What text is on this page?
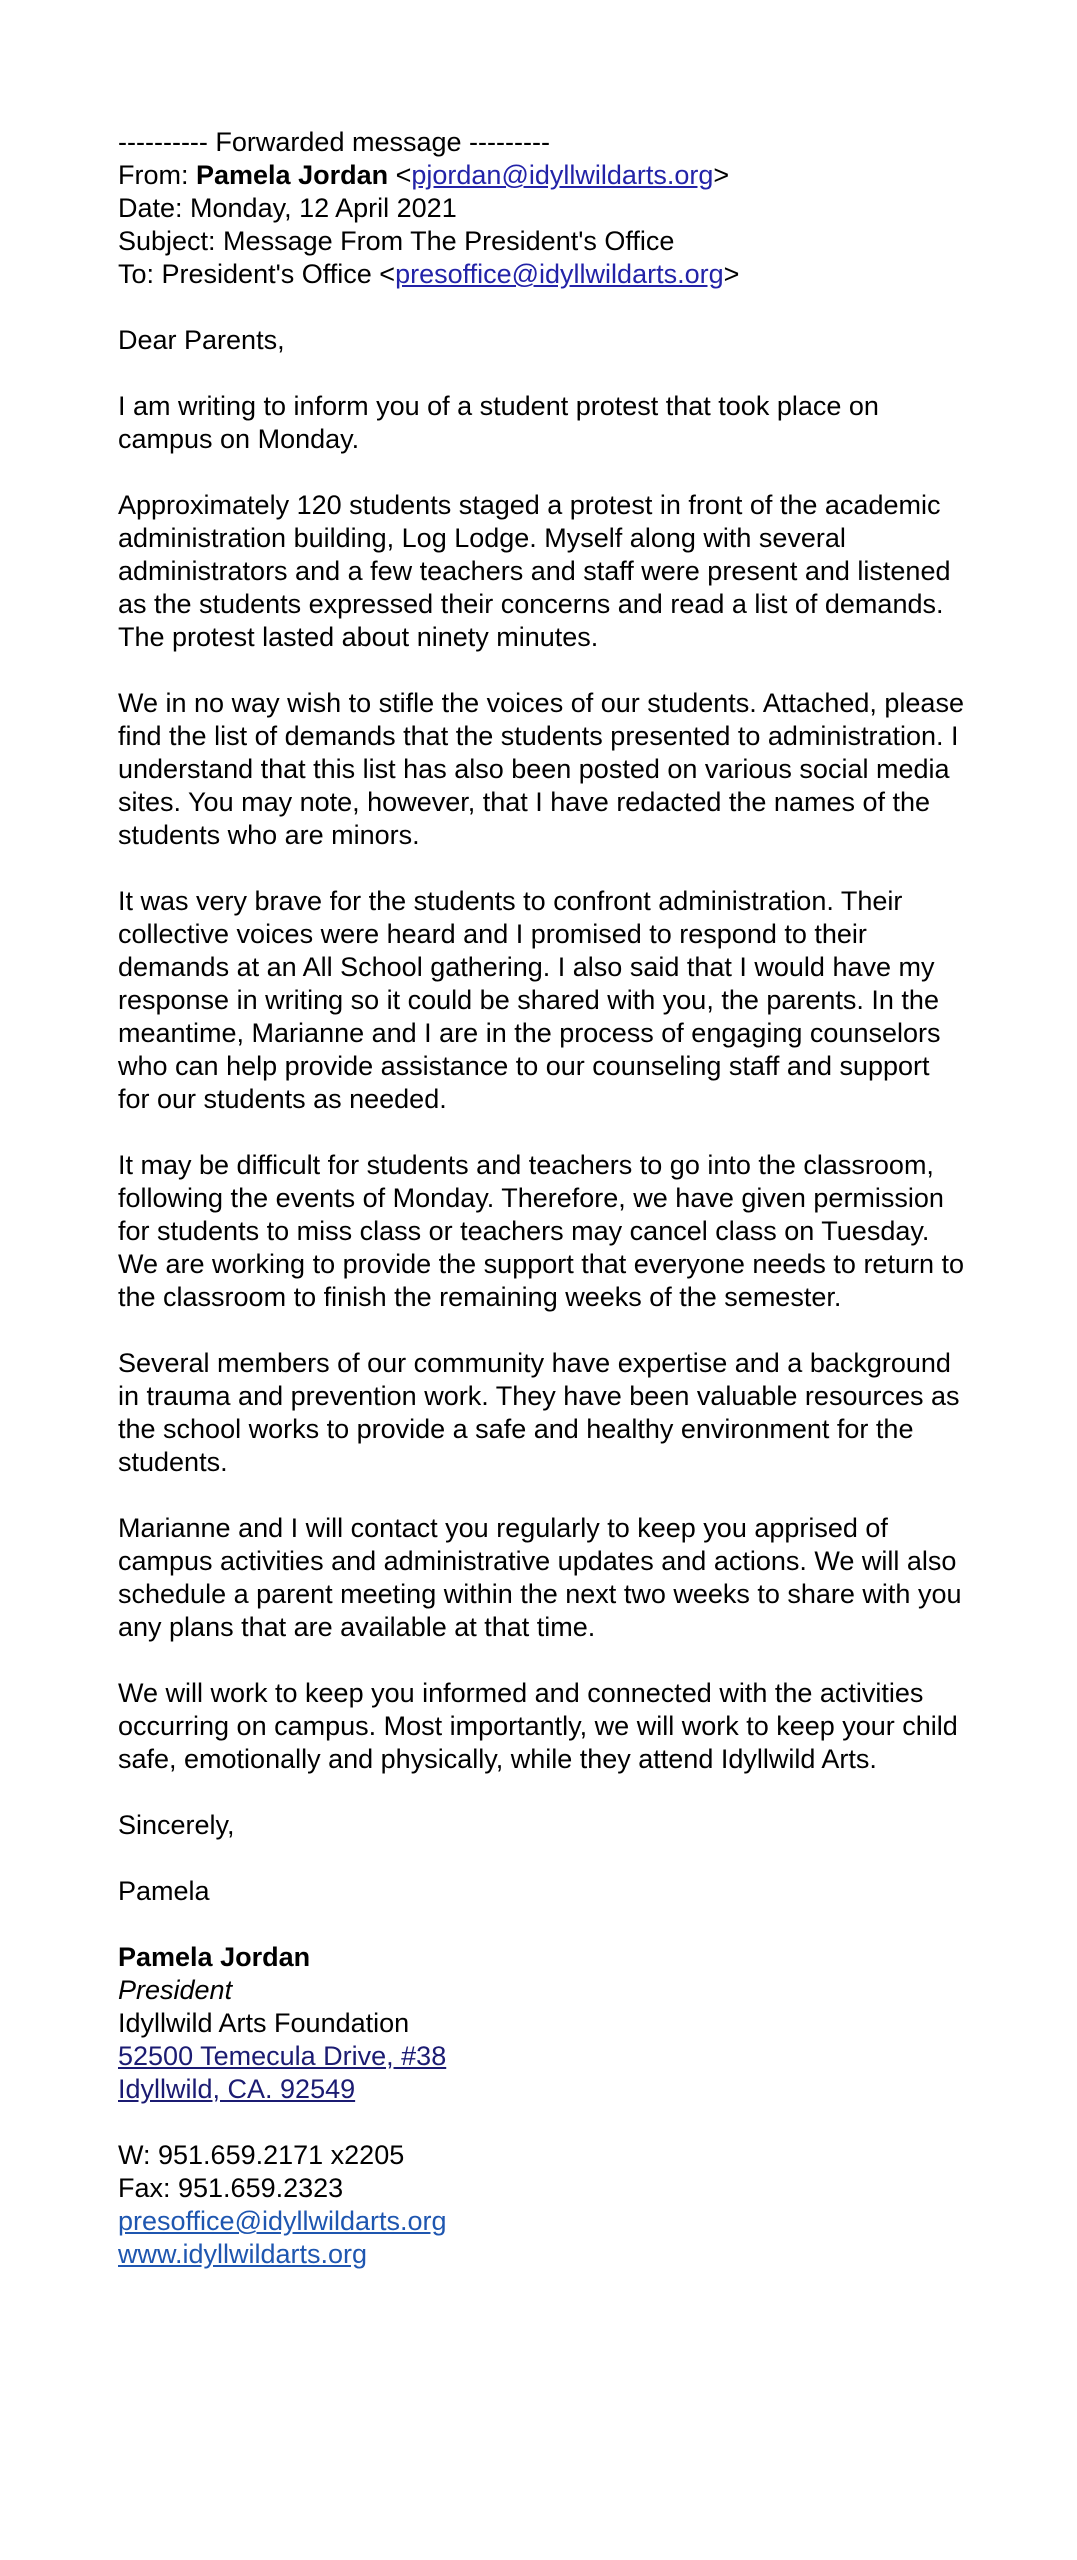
---------- Forwarded message ---------
From: Pamela Jordan <pjordan@idyllwildarts.org>
Date: Monday, 12 April 2021
Subject: Message From The President's Office
To: President's Office <presoffice@idyllwildarts.org>

Dear Parents,

I am writing to inform you of a student protest that took place on campus on Monday.

Approximately 120 students staged a protest in front of the academic administration building, Log Lodge. Myself along with several administrators and a few teachers and staff were present and listened as the students expressed their concerns and read a list of demands. The protest lasted about ninety minutes.

We in no way wish to stifle the voices of our students. Attached, please find the list of demands that the students presented to administration. I understand that this list has also been posted on various social media sites. You may note, however, that I have redacted the names of the students who are minors.

It was very brave for the students to confront administration. Their collective voices were heard and I promised to respond to their demands at an All School gathering. I also said that I would have my response in writing so it could be shared with you, the parents. In the meantime, Marianne and I are in the process of engaging counselors who can help provide assistance to our counseling staff and support for our students as needed.

It may be difficult for students and teachers to go into the classroom, following the events of Monday. Therefore, we have given permission for students to miss class or teachers may cancel class on Tuesday. We are working to provide the support that everyone needs to return to the classroom to finish the remaining weeks of the semester.

Several members of our community have expertise and a background in trauma and prevention work. They have been valuable resources as the school works to provide a safe and healthy environment for the students.

Marianne and I will contact you regularly to keep you apprised of campus activities and administrative updates and actions. We will also schedule a parent meeting within the next two weeks to share with you any plans that are available at that time.

We will work to keep you informed and connected with the activities occurring on campus. Most importantly, we will work to keep your child safe, emotionally and physically, while they attend Idyllwild Arts.

Sincerely,

Pamela

Pamela Jordan
President
Idyllwild Arts Foundation
52500 Temecula Drive, #38
Idyllwild, CA. 92549
W: 951.659.2171 x2205
Fax: 951.659.2323
presoffice@idyllwildarts.org
www.idyllwildarts.org
